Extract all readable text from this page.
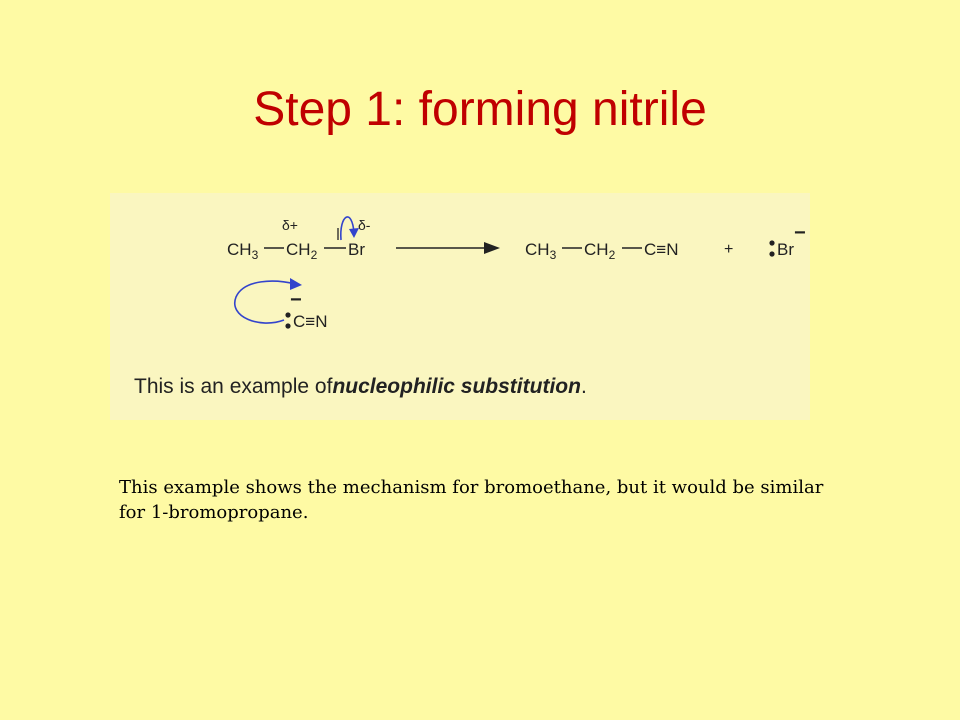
Step 1: forming nitrile
$CH_3$ $CH_2$ Br
δ+	δ-
$CH_3$ $CH_2$ C≡N	+	Br
−
C≡N
−
This is an example ofnucleophilic substitution.
This example shows the mechanism for bromoethane, but it would be similar for 1-bromopropane.
